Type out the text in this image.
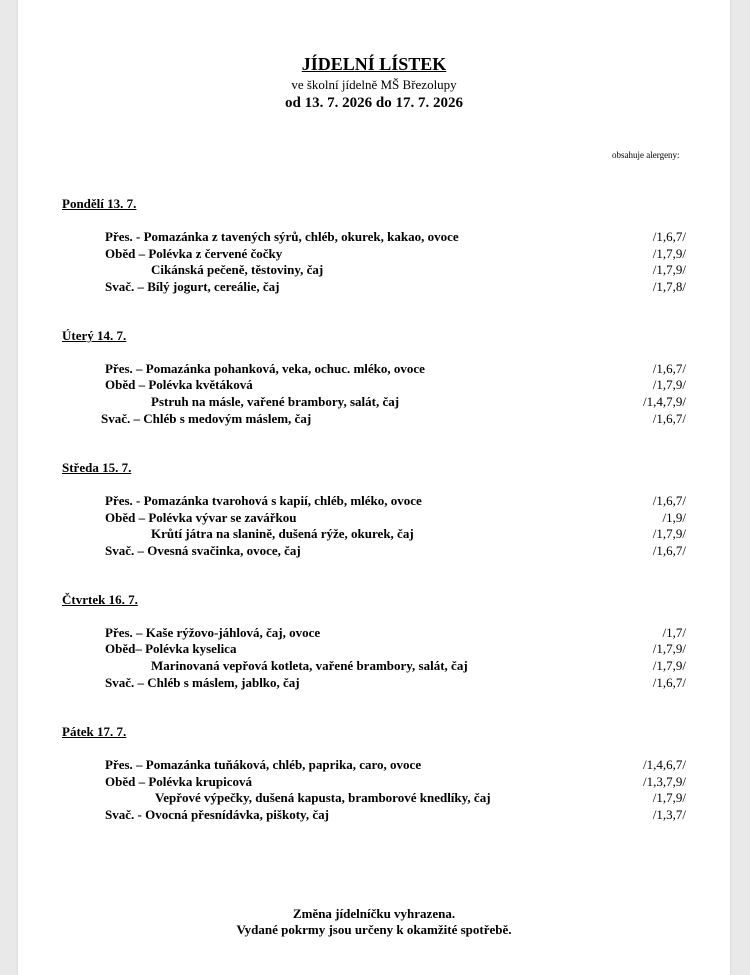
JÍDELNÍ LÍSTEK
ve školní jídelně MŠ Březolupy
od 13. 7. 2026 do 17. 7. 2026
obsahuje alergeny:
Pondělí 13. 7.
Přes. - Pomazánka z tavených sýrů, chléb, okurek, kakao, ovoce	/1,6,7/
Oběd – Polévka z červené čočky	/1,7,9/
Cikánská pečeně, těstoviny, čaj	/1,7,9/
Svač. – Bílý jogurt, cereálie, čaj	/1,7,8/
Úterý 14. 7.
Přes. – Pomazánka pohanková, veka, ochuc. mléko, ovoce	/1,6,7/
Oběd – Polévka květáková	/1,7,9/
Pstruh na másle, vařené brambory, salát, čaj	/1,4,7,9/
Svač. – Chléb s medovým máslem, čaj	/1,6,7/
Středa 15. 7.
Přes. - Pomazánka tvarohová s kapií, chléb, mléko, ovoce	/1,6,7/
Oběd – Polévka vývar se zavářkou	/1,9/
Krůtí játra na slanině, dušená rýže, okurek, čaj	/1,7,9/
Svač. – Ovesná svačinka, ovoce, čaj	/1,6,7/
Čtvrtek 16. 7.
Přes. – Kaše rýžovo-jáhlová, čaj, ovoce	/1,7/
Oběd– Polévka kyselica	/1,7,9/
Marinovaná vepřová kotleta, vařené brambory, salát, čaj	/1,7,9/
Svač. – Chléb s máslem, jablko, čaj	/1,6,7/
Pátek 17. 7.
Přes. – Pomazánka tuňáková, chléb, paprika, caro, ovoce	/1,4,6,7/
Oběd – Polévka krupicová	/1,3,7,9/
Vepřové výpečky, dušená kapusta, bramborové knedlíky, čaj	/1,7,9/
Svač. - Ovocná přesnídávka, piškoty, čaj	/1,3,7/
Změna jídelníčku vyhrazena.
Vydané pokrmy jsou určeny k okamžité spotřebě.
